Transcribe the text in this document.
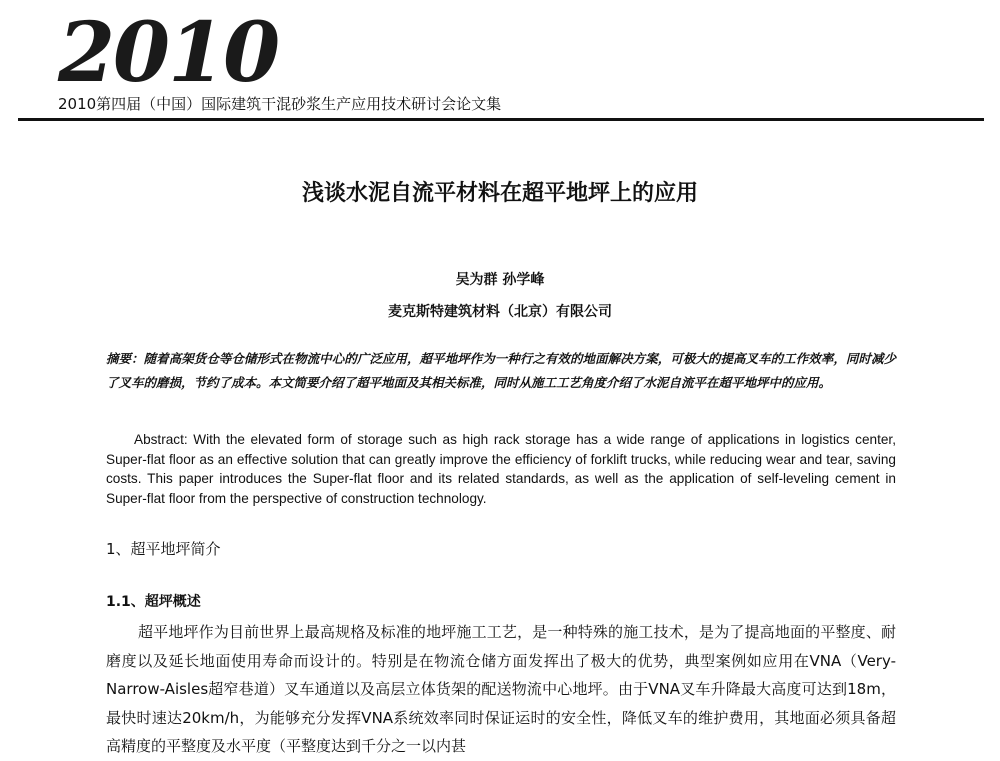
2010
2010第四届（中国）国际建筑干混砂浆生产应用技术研讨会论文集
浅谈水泥自流平材料在超平地坪上的应用
吴为群 孙学峰
麦克斯特建筑材料（北京）有限公司

摘要：随着高架货仓等仓储形式在物流中心的广泛应用，超平地坪作为一种行之有效的地面解决方案，可极大的提高叉车的工作效率，同时减少了叉车的磨损，节约了成本。本文简要介绍了超平地面及其相关标准，同时从施工工艺角度介绍了水泥自流平在超平地坪中的应用。

Abstract: With the elevated form of storage such as high rack storage has a wide range of applications in logistics center, Super-flat floor as an effective solution that can greatly improve the efficiency of forklift trucks, while reducing wear and tear, saving costs. This paper introduces the Super-flat floor and its related standards, as well as the application of self-leveling cement in Super-flat floor from the perspective of construction technology.

1、超平地坪简介
1.1、超坪概述

超平地坪作为目前世界上最高规格及标准的地坪施工工艺，是一种特殊的施工技术，是为了提高地面的平整度、耐磨度以及延长地面使用寿命而设计的。特别是在物流仓储方面发挥出了极大的优势，典型案例如应用在VNA（Very-Narrow-Aisles超窄巷道）叉车通道以及高层立体货架的配送物流中心地坪。由于VNA叉车升降最大高度可达到18m，最快时速达20km/h，为能够充分发挥VNA系统效率同时保证运时的安全性，降低叉车的维护费用，其地面必须具备超高精度的平整度及水平度（平整度达到千分之一以内甚
